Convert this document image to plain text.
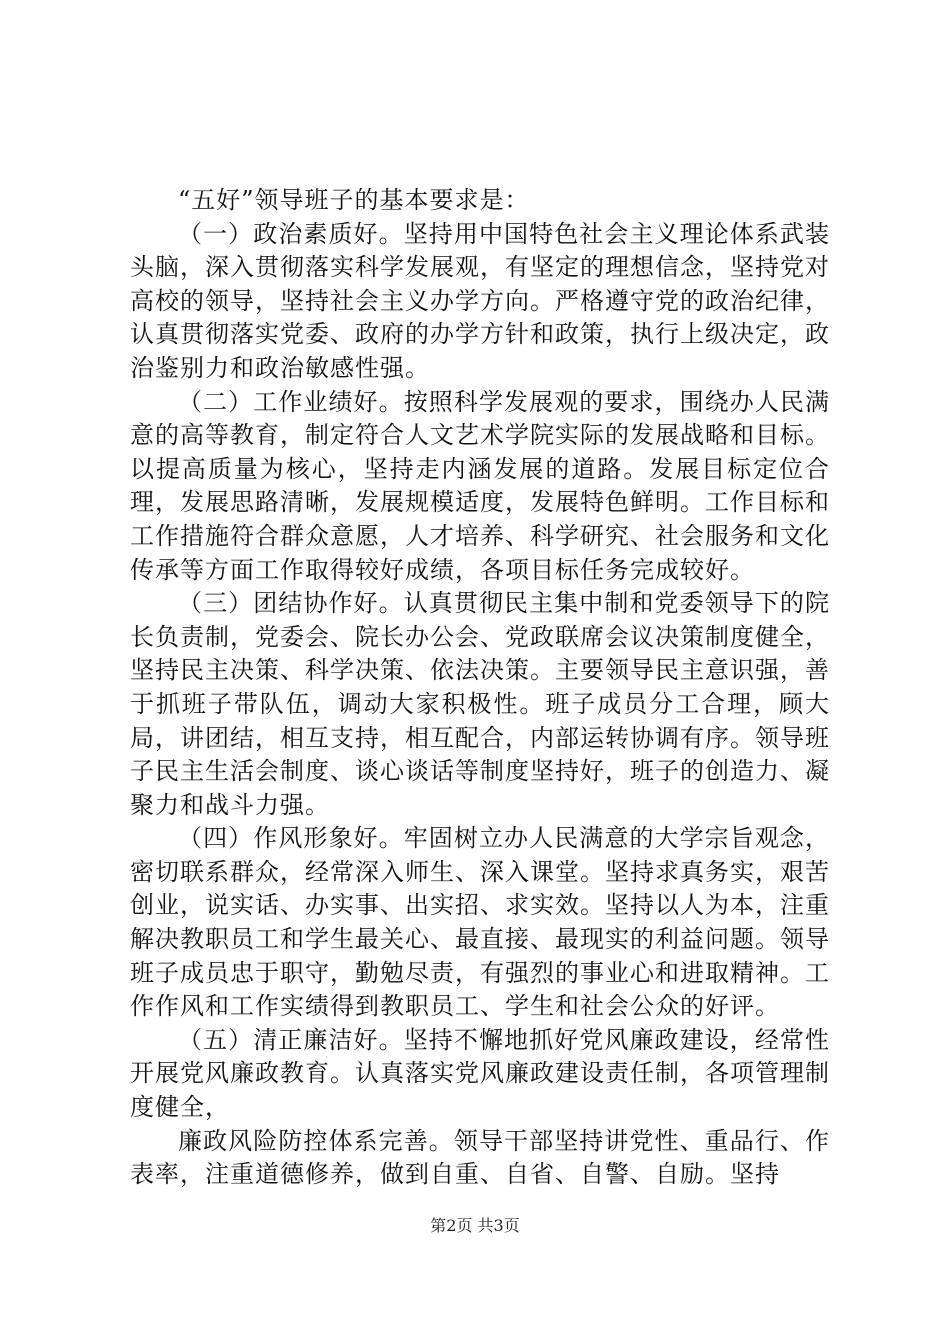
“五好”领导班子的基本要求是：

（一）政治素质好。坚持用中国特色社会主义理论体系武装头脑，深入贯彻落实科学发展观，有坚定的理想信念，坚持党对高校的领导，坚持社会主义办学方向。严格遵守党的政治纪律，认真贯彻落实党委、政府的办学方针和政策，执行上级决定，政治鉴别力和政治敏感性强。

（二）工作业绩好。按照科学发展观的要求，围绕办人民满意的高等教育，制定符合人文艺术学院实际的发展战略和目标。以提高质量为核心，坚持走内涵发展的道路。发展目标定位合理，发展思路清晰，发展规模适度，发展特色鲜明。工作目标和工作措施符合群众意愿，人才培养、科学研究、社会服务和文化传承等方面工作取得较好成绩，各项目标任务完成较好。

（三）团结协作好。认真贯彻民主集中制和党委领导下的院长负责制，党委会、院长办公会、党政联席会议决策制度健全，坚持民主决策、科学决策、依法决策。主要领导民主意识强，善于抓班子带队伍，调动大家积极性。班子成员分工合理，顾大局，讲团结，相互支持，相互配合，内部运转协调有序。领导班子民主生活会制度、谈心谈话等制度坚持好，班子的创造力、凝聚力和战斗力强。

（四）作风形象好。牢固树立办人民满意的大学宗旨观念，密切联系群众，经常深入师生、深入课堂。坚持求真务实，艰苦创业，说实话、办实事、出实招、求实效。坚持以人为本，注重解决教职员工和学生最关心、最直接、最现实的利益问题。领导班子成员忠于职守，勤勉尽责，有强烈的事业心和进取精神。工作作风和工作实绩得到教职员工、学生和社会公众的好评。

（五）清正廉洁好。坚持不懈地抓好党风廉政建设，经常性开展党风廉政教育。认真落实党风廉政建设责任制，各项管理制度健全，

廉政风险防控体系完善。领导干部坚持讲党性、重品行、作表率，注重道德修养，做到自重、自省、自警、自励。坚持

第2页 共3页
